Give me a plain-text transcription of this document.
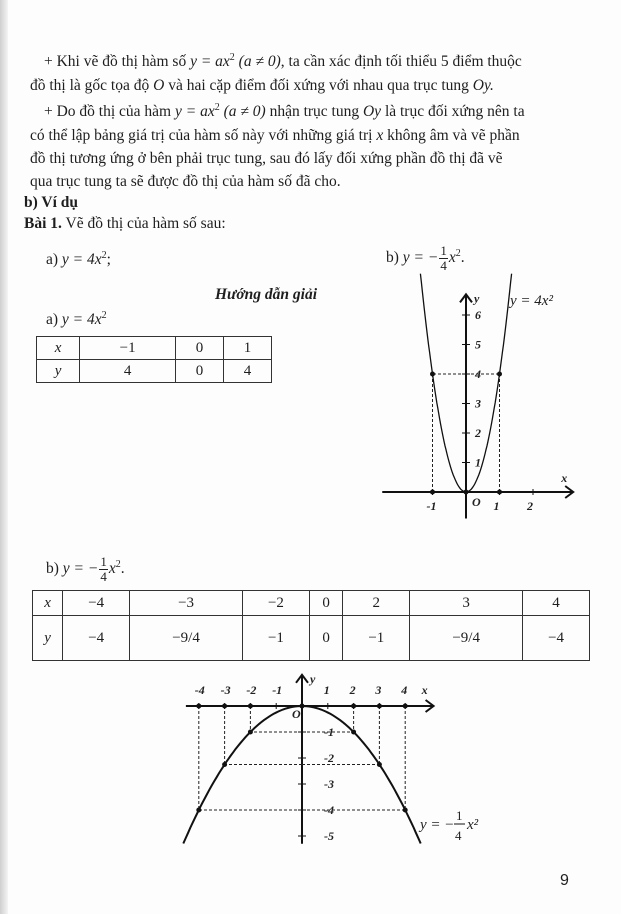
+ Khi vẽ đồ thị hàm số $y = ax^2$ (a ≠ 0), ta cần xác định tối thiểu 5 điểm thuộc
đồ thị là gốc tọa độ O và hai cặp điểm đối xứng với nhau qua trục tung Oy.
+ Do đồ thị của hàm $y = ax^2$ (a ≠ 0) nhận trục tung Oy là trục đối xứng nên ta
có thể lập bảng giá trị của hàm số này với những giá trị x không âm và vẽ phần
đồ thị tương ứng ở bên phải trục tung, sau đó lấy đối xứng phần đồ thị đã vẽ
qua trục tung ta sẽ được đồ thị của hàm số đã cho.
b) Ví dụ
Bài 1. Vẽ đồ thị của hàm số sau:
a) $y = 4x^2$;	b) y = − $\frac{1}{4} x^2$.
Hướng dẫn giải
a) $y = 4x^2$
x	−1	0	1
y	4	0	4
b) y = − $\frac{1}{4} x^2$.
x	−4	−3	−2	0	2	3	4
y	−4	−9/4	−1	0	−1	−9/4	−4
-1	1 2
1
2
3
4
5
6
x
y
O
y = 4x²
-4 -3 -2 -1	1 2 3 4
-1
-2
-3
-4
-5
x
y
O
y = −
1
4
x²
9
